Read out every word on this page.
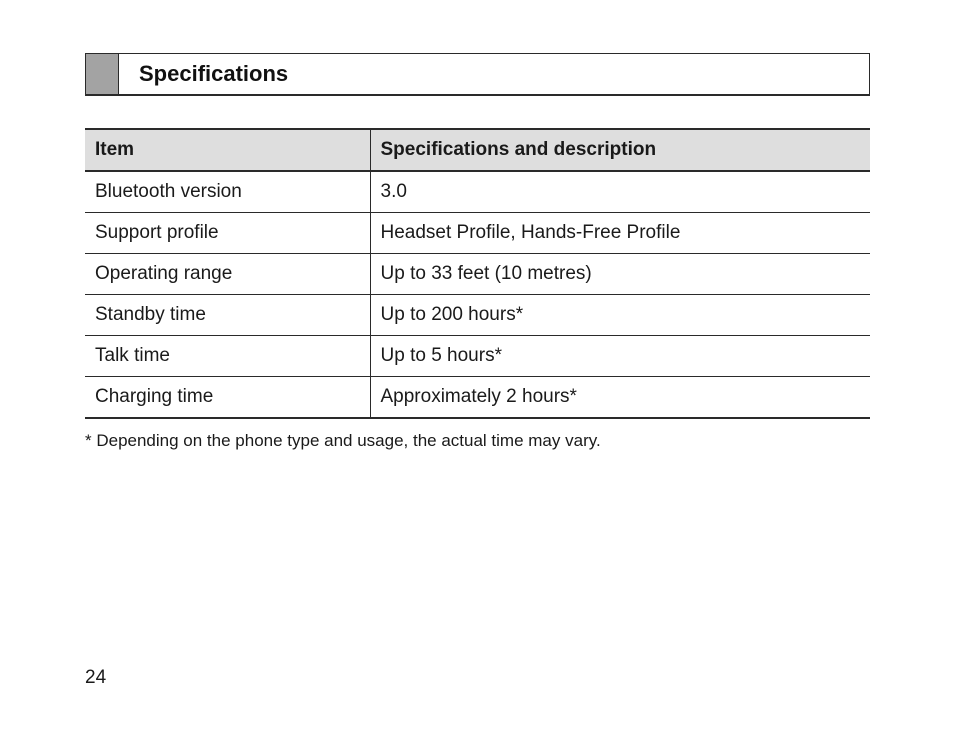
Specifications
Item	Specifications and description
Bluetooth version	3.0
Support profile	Headset Profile, Hands-Free Profile
Operating range	Up to 33 feet (10 metres)
Standby time	Up to 200 hours*
Talk time	Up to 5 hours*
Charging time	Approximately 2 hours*
* Depending on the phone type and usage, the actual time may vary.
24
